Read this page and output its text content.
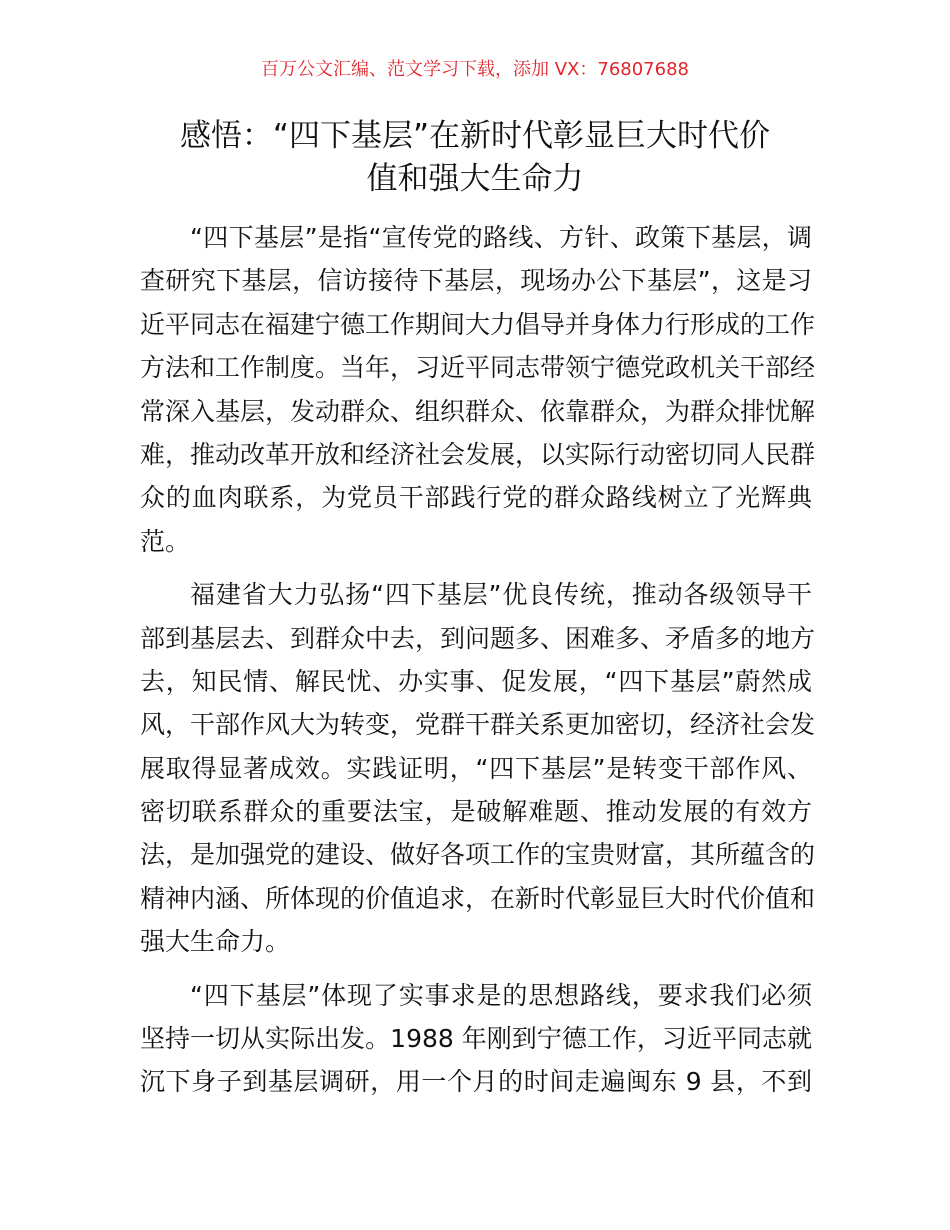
百万公文汇编、范文学习下载，添加 VX：76807688
感悟：“四下基层”在新时代彰显巨大时代价
值和强大生命力
“四下基层”是指“宣传党的路线、方针、政策下基层，调
查研究下基层，信访接待下基层，现场办公下基层”，这是习
近平同志在福建宁德工作期间大力倡导并身体力行形成的工作
方法和工作制度。当年，习近平同志带领宁德党政机关干部经
常深入基层，发动群众、组织群众、依靠群众，为群众排忧解
难，推动改革开放和经济社会发展，以实际行动密切同人民群
众的血肉联系，为党员干部践行党的群众路线树立了光辉典
范。
福建省大力弘扬“四下基层”优良传统，推动各级领导干
部到基层去、到群众中去，到问题多、困难多、矛盾多的地方
去，知民情、解民忧、办实事、促发展，“四下基层”蔚然成
风，干部作风大为转变，党群干群关系更加密切，经济社会发
展取得显著成效。实践证明，“四下基层”是转变干部作风、
密切联系群众的重要法宝，是破解难题、推动发展的有效方
法，是加强党的建设、做好各项工作的宝贵财富，其所蕴含的
精神内涵、所体现的价值追求，在新时代彰显巨大时代价值和
强大生命力。
“四下基层”体现了实事求是的思想路线，要求我们必须
坚持一切从实际出发。1988 年刚到宁德工作，习近平同志就
沉下身子到基层调研，用一个月的时间走遍闽东 9 县，不到
